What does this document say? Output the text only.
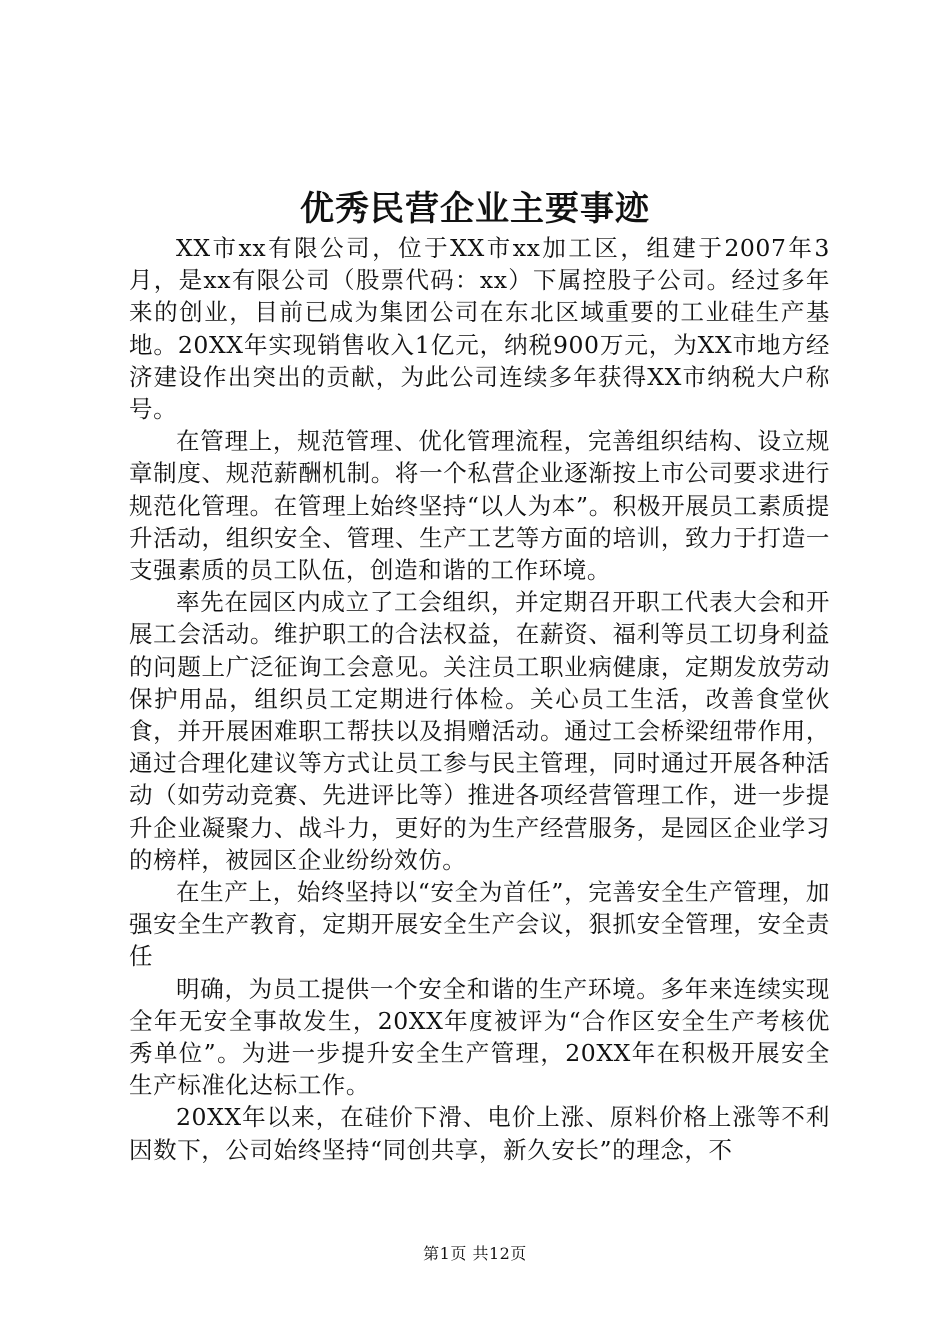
优秀民营企业主要事迹

XX市xx有限公司，位于XX市xx加工区，组建于2007年3月，是xx有限公司（股票代码：xx）下属控股子公司。经过多年来的创业，目前已成为集团公司在东北区域重要的工业硅生产基地。20XX年实现销售收入1亿元，纳税900万元，为XX市地方经济建设作出突出的贡献，为此公司连续多年获得XX市纳税大户称号。

在管理上，规范管理、优化管理流程，完善组织结构、设立规章制度、规范薪酬机制。将一个私营企业逐渐按上市公司要求进行规范化管理。在管理上始终坚持“以人为本”。积极开展员工素质提升活动，组织安全、管理、生产工艺等方面的培训，致力于打造一支强素质的员工队伍，创造和谐的工作环境。

率先在园区内成立了工会组织，并定期召开职工代表大会和开展工会活动。维护职工的合法权益，在薪资、福利等员工切身利益的问题上广泛征询工会意见。关注员工职业病健康，定期发放劳动保护用品，组织员工定期进行体检。关心员工生活，改善食堂伙食，并开展困难职工帮扶以及捐赠活动。通过工会桥梁纽带作用，通过合理化建议等方式让员工参与民主管理，同时通过开展各种活动（如劳动竞赛、先进评比等）推进各项经营管理工作，进一步提升企业凝聚力、战斗力，更好的为生产经营服务，是园区企业学习的榜样，被园区企业纷纷效仿。

在生产上，始终坚持以“安全为首任”，完善安全生产管理，加强安全生产教育，定期开展安全生产会议，狠抓安全管理，安全责任

明确，为员工提供一个安全和谐的生产环境。多年来连续实现全年无安全事故发生，20XX年度被评为“合作区安全生产考核优秀单位”。为进一步提升安全生产管理，20XX年在积极开展安全生产标准化达标工作。

20XX年以来，在硅价下滑、电价上涨、原料价格上涨等不利因数下，公司始终坚持“同创共享，新久安长”的理念，不

第1页 共12页
